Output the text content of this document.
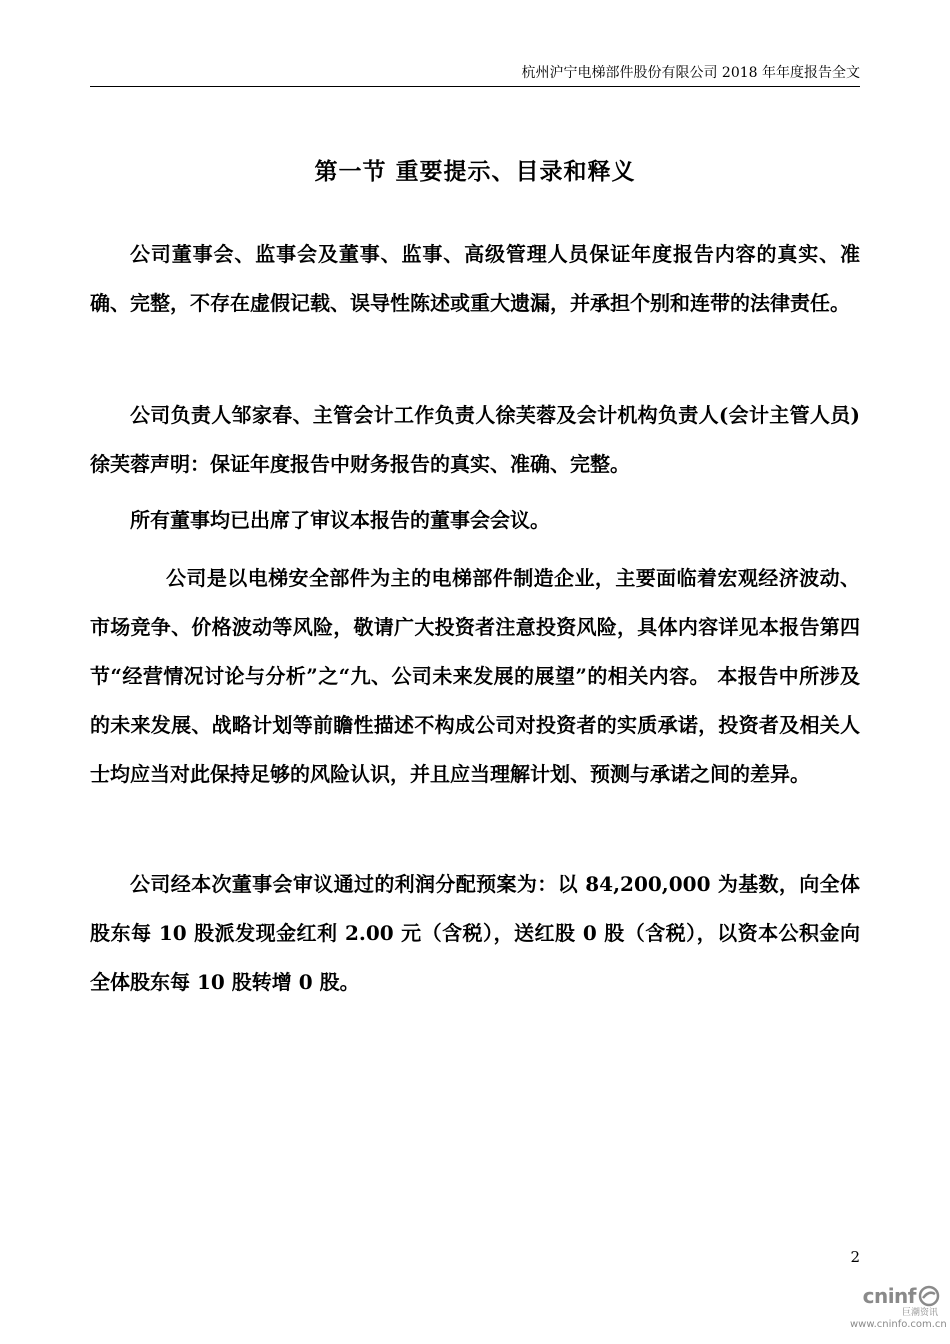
杭州沪宁电梯部件股份有限公司 2018 年年度报告全文
第一节 重要提示、目录和释义

公司董事会、监事会及董事、监事、高级管理人员保证年度报告内容的真实、准确、完整，不存在虚假记载、误导性陈述或重大遗漏，并承担个别和连带的法律责任。

公司负责人邹家春、主管会计工作负责人徐芙蓉及会计机构负责人(会计主管人员)徐芙蓉声明：保证年度报告中财务报告的真实、准确、完整。

所有董事均已出席了审议本报告的董事会会议。

公司是以电梯安全部件为主的电梯部件制造企业，主要面临着宏观经济波动、市场竞争、价格波动等风险，敬请广大投资者注意投资风险，具体内容详见本报告第四节“经营情况讨论与分析”之“九、公司未来发展的展望”的相关内容。 本报告中所涉及的未来发展、战略计划等前瞻性描述不构成公司对投资者的实质承诺，投资者及相关人士均应当对此保持足够的风险认识，并且应当理解计划、预测与承诺之间的差异。

公司经本次董事会审议通过的利润分配预案为：以 84,200,000 为基数，向全体股东每 10 股派发现金红利 2.00 元（含税），送红股 0 股（含税），以资本公积金向全体股东每 10 股转增 0 股。

2
cninf
巨潮资讯
www.cninfo.com.cn
